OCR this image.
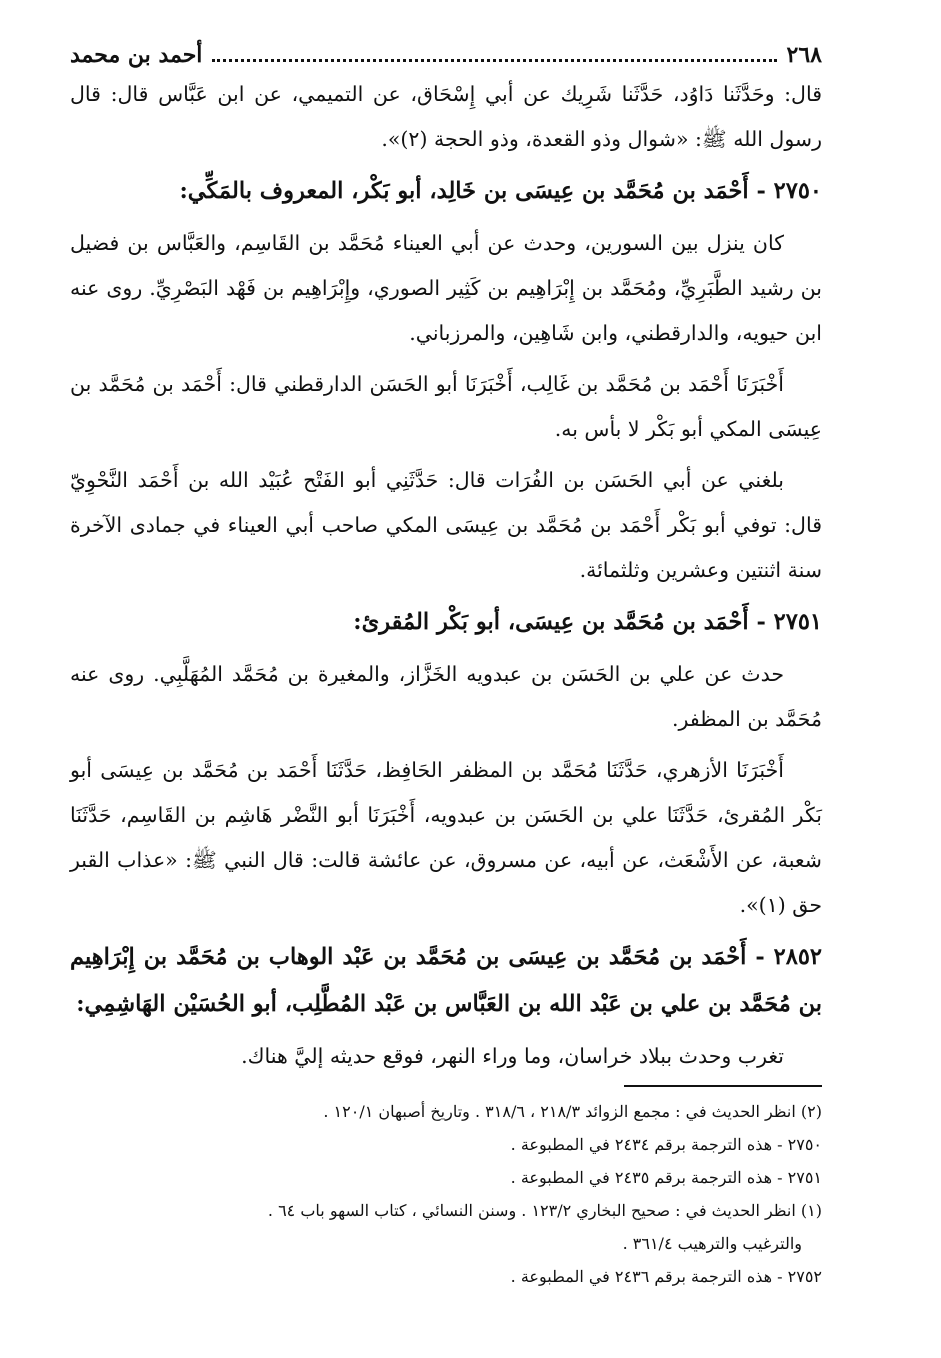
٢٦٨
أحمد بن محمد

قال: وحَدَّثَنا دَاوُد، حَدَّثَنا شَرِيك عن أبي إِسْحَاق، عن التميمي، عن ابن عَبَّاس قال: قال رسول الله ﷺ: «شوال وذو القعدة، وذو الحجة (٢)».

٢٧٥٠ - أَحْمَد بن مُحَمَّد بن عِيسَى بن خَالِد، أبو بَكْر، المعروف بالمَكِّي:

كان ينزل بين السورين، وحدث عن أبي العيناء مُحَمَّد بن القَاسِم، والعَبَّاس بن فضيل بن رشيد الطَّبَرِيِّ، ومُحَمَّد بن إِبْرَاهِيم بن كَثِير الصوري، وإِبْرَاهِيم بن فَهْد البَصْرِيِّ. روى عنه ابن حيويه، والدارقطني، وابن شَاهِين، والمرزباني.

أَخْبَرَنَا أَحْمَد بن مُحَمَّد بن غَالِب، أَخْبَرَنَا أبو الحَسَن الدارقطني قال: أَحْمَد بن مُحَمَّد بن عِيسَى المكي أبو بَكْر لا بأس به.

بلغني عن أبي الحَسَن بن الفُرَات قال: حَدَّثَنِي أبو الفَتْح عُبَيْد الله بن أَحْمَد النَّحْوِيّ قال: توفي أبو بَكْر أَحْمَد بن مُحَمَّد بن عِيسَى المكي صاحب أبي العيناء في جمادى الآخرة سنة اثنتين وعشرين وثلثمائة.

٢٧٥١ - أَحْمَد بن مُحَمَّد بن عِيسَى، أبو بَكْر المُقرئ:

حدث عن علي بن الحَسَن بن عبدويه الخَزَّاز، والمغيرة بن مُحَمَّد المُهَلَّبِي. روى عنه مُحَمَّد بن المظفر.

أَخْبَرَنَا الأزهري، حَدَّثَنَا مُحَمَّد بن المظفر الحَافِظ، حَدَّثَنَا أَحْمَد بن مُحَمَّد بن عِيسَى أبو بَكْر المُقرئ، حَدَّثَنَا علي بن الحَسَن بن عبدويه، أَخْبَرَنَا أبو النَّضْر هَاشِم بن القَاسِم، حَدَّثَنَا شعبة، عن الأَشْعَث، عن أبيه، عن مسروق، عن عائشة قالت: قال النبي ﷺ: «عذاب القبر حق (١)».

٢٨٥٢ - أَحْمَد بن مُحَمَّد بن عِيسَى بن مُحَمَّد بن عَبْد الوهاب بن مُحَمَّد بن إِبْرَاهِيم بن مُحَمَّد بن علي بن عَبْد الله بن العَبَّاس بن عَبْد المُطَّلِب، أبو الحُسَيْن الهَاشِمِي:

تغرب وحدث ببلاد خراسان، وما وراء النهر، فوقع حديثه إليَّ هناك.

(٢) انظر الحديث في : مجمع الزوائد ٢١٨/٣ ، ٣١٨/٦ . وتاريخ أصبهان ١٢٠/١ .

٢٧٥٠ - هذه الترجمة برقم ٢٤٣٤ في المطبوعة .

٢٧٥١ - هذه الترجمة برقم ٢٤٣٥ في المطبوعة .

(١) انظر الحديث في : صحيح البخاري ١٢٣/٢ . وسنن النسائي ، كتاب السهو باب ٦٤ .

والترغيب والترهيب ٣٦١/٤ .

٢٧٥٢ - هذه الترجمة برقم ٢٤٣٦ في المطبوعة .
